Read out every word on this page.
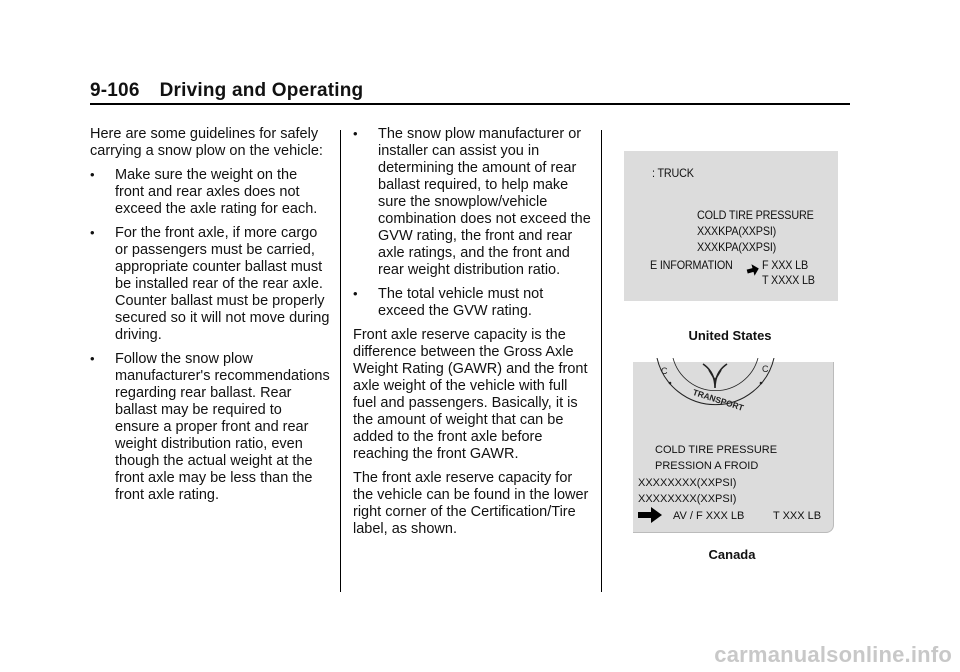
9-106 Driving and Operating

Here are some guidelines for safely carrying a snow plow on the vehicle:

• Make sure the weight on the front and rear axles does not exceed the axle rating for each.
• For the front axle, if more cargo or passengers must be carried, appropriate counter ballast must be installed rear of the rear axle. Counter ballast must be properly secured so it will not move during driving.
• Follow the snow plow manufacturer's recommendations regarding rear ballast. Rear ballast may be required to ensure a proper front and rear weight distribution ratio, even though the actual weight at the front axle may be less than the front axle rating.
• The snow plow manufacturer or installer can assist you in determining the amount of rear ballast required, to help make sure the snowplow/vehicle combination does not exceed the GVW rating, the front and rear axle ratings, and the front and rear weight distribution ratio.
• The total vehicle must not exceed the GVW rating.

Front axle reserve capacity is the difference between the Gross Axle Weight Rating (GAWR) and the front axle weight of the vehicle with full fuel and passengers. Basically, it is the amount of weight that can be added to the front axle before reaching the front GAWR.

The front axle reserve capacity for the vehicle can be found in the lower right corner of the Certification/Tire label, as shown.

: TRUCK
COLD TIRE PRESSURE
XXXKPA(XXPSI)
XXXKPA(XXPSI)
E INFORMATION F XXX LB
T XXXX LB
United States
C	C
TRANSPORT
COLD TIRE PRESSURE
PRESSION A FROID
XXXXXXXX(XXPSI)
XXXXXXXX(XXPSI)
AV / F XXX LB	T XXX LB
Canada
carmanualsonline.info
